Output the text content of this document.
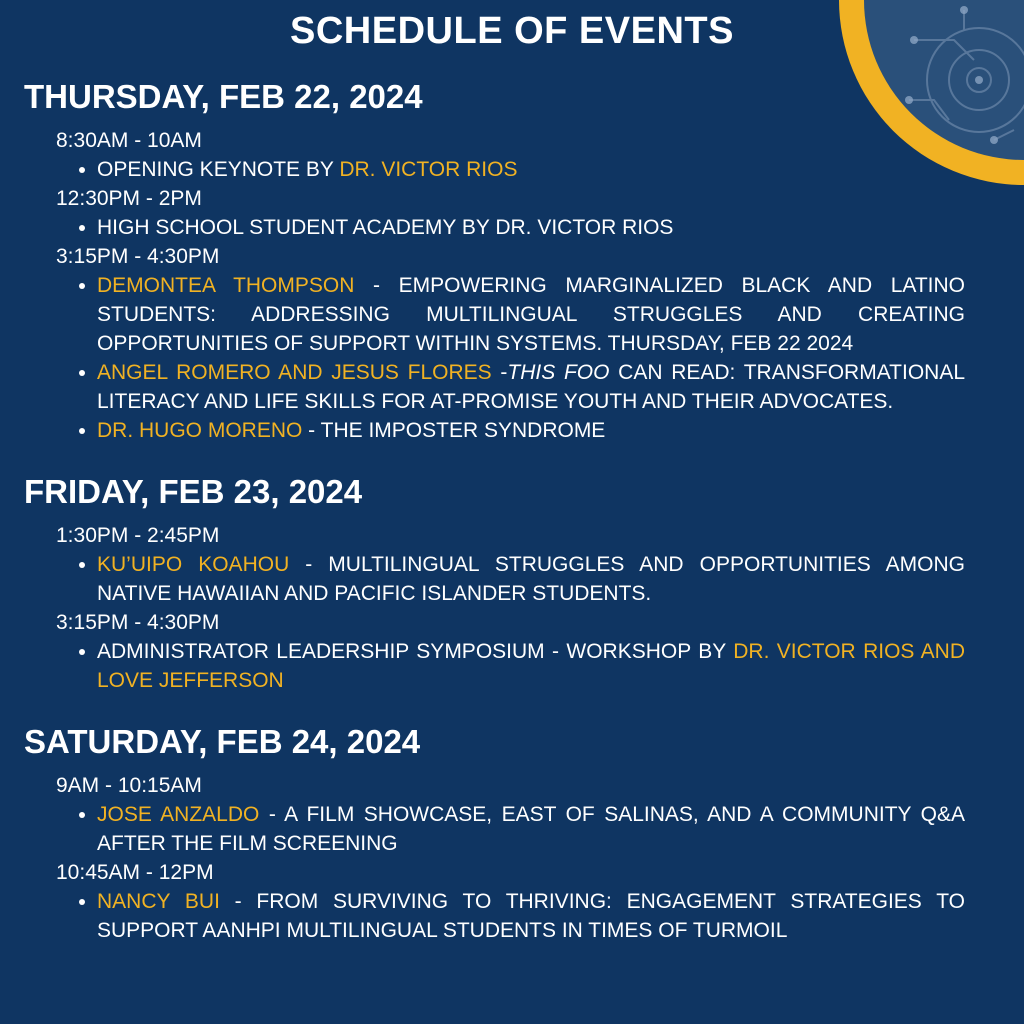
SCHEDULE OF EVENTS
THURSDAY, FEB 22, 2024
8:30AM - 10AM
OPENING KEYNOTE BY DR. VICTOR RIOS
12:30PM - 2PM
HIGH SCHOOL STUDENT ACADEMY BY DR. VICTOR RIOS
3:15PM - 4:30PM
DEMONTEA THOMPSON - EMPOWERING MARGINALIZED BLACK AND LATINO STUDENTS: ADDRESSING MULTILINGUAL STRUGGLES AND CREATING OPPORTUNITIES OF SUPPORT WITHIN SYSTEMS. THURSDAY, FEB 22 2024
ANGEL ROMERO AND JESUS FLORES -THIS FOO CAN READ: TRANSFORMATIONAL LITERACY AND LIFE SKILLS FOR AT-PROMISE YOUTH AND THEIR ADVOCATES.
DR. HUGO MORENO - THE IMPOSTER SYNDROME
FRIDAY, FEB 23, 2024
1:30PM - 2:45PM
KU’UIPO KOAHOU - MULTILINGUAL STRUGGLES AND OPPORTUNITIES AMONG NATIVE HAWAIIAN AND PACIFIC ISLANDER STUDENTS.
3:15PM - 4:30PM
ADMINISTRATOR LEADERSHIP SYMPOSIUM - WORKSHOP BY DR. VICTOR RIOS AND LOVE JEFFERSON
SATURDAY, FEB 24, 2024
9AM - 10:15AM
JOSE ANZALDO - A FILM SHOWCASE, EAST OF SALINAS, AND A COMMUNITY Q&A AFTER THE FILM SCREENING
10:45AM - 12PM
NANCY BUI - FROM SURVIVING TO THRIVING: ENGAGEMENT STRATEGIES TO SUPPORT AANHPI MULTILINGUAL STUDENTS IN TIMES OF TURMOIL
